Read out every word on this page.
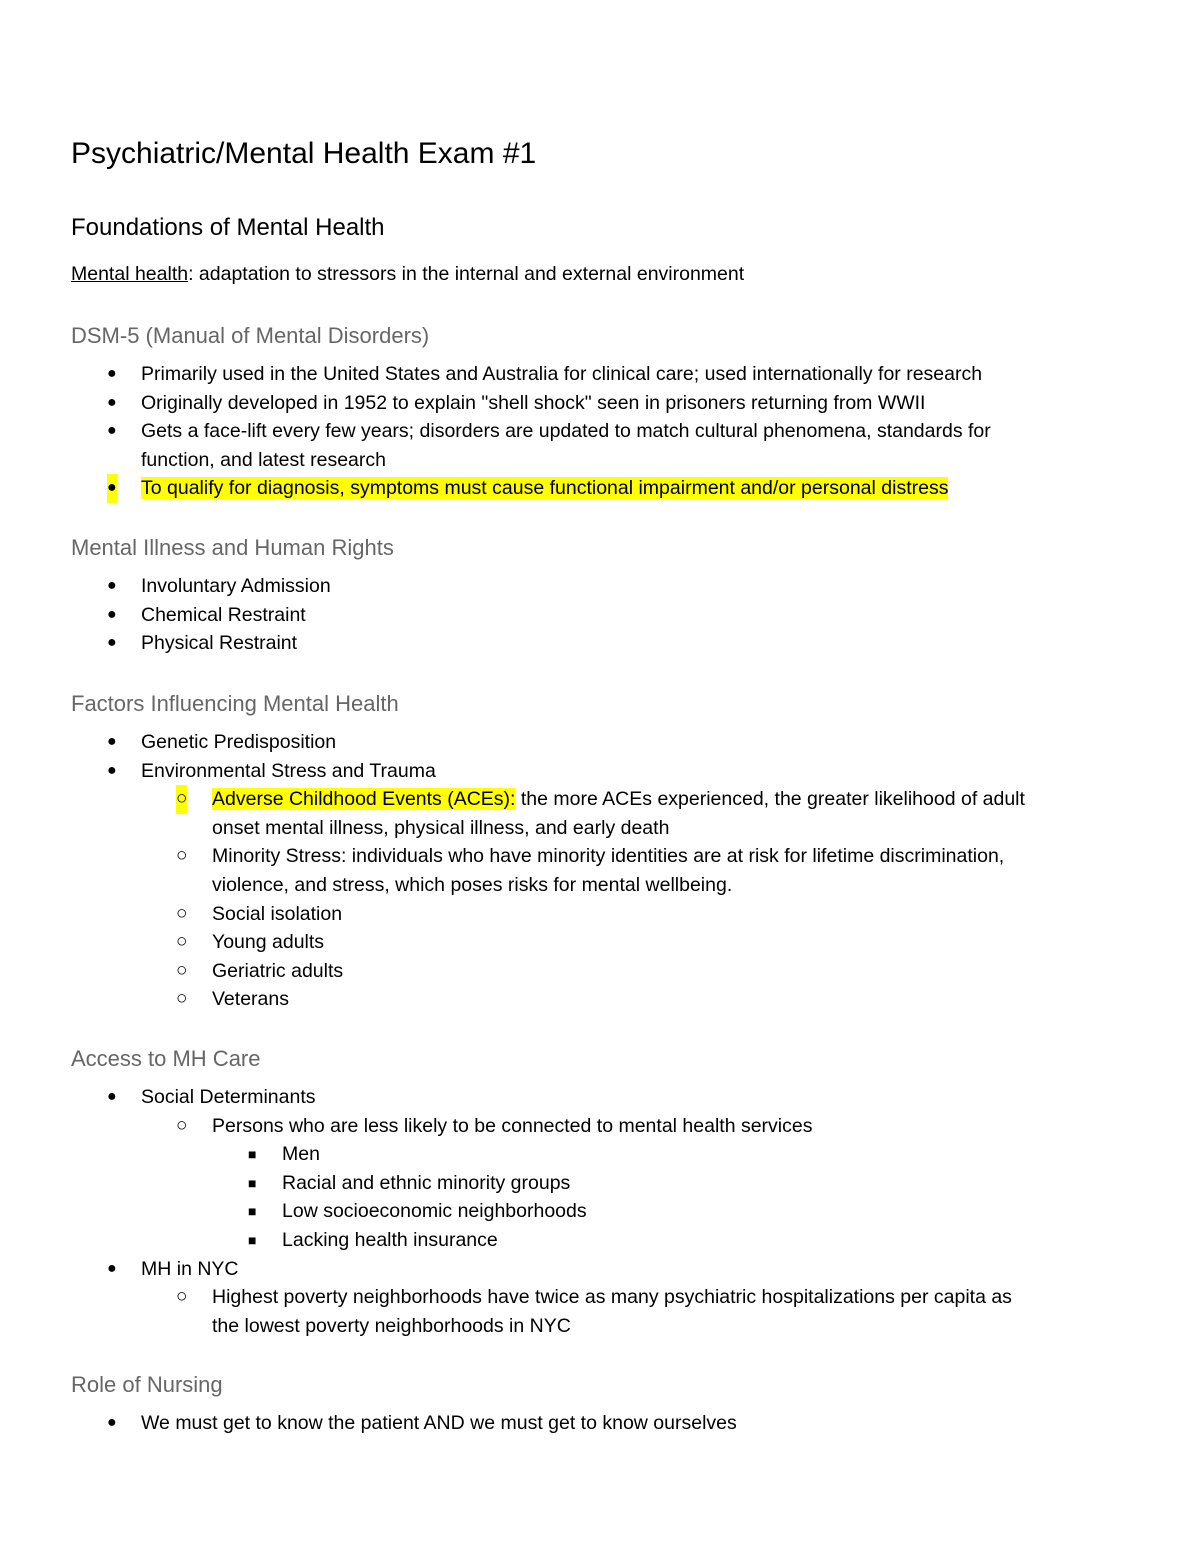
Psychiatric/Mental Health Exam #1
Foundations of Mental Health
Mental health: adaptation to stressors in the internal and external environment
DSM-5 (Manual of Mental Disorders)
● Primarily used in the United States and Australia for clinical care; used internationally for research
● Originally developed in 1952 to explain "shell shock" seen in prisoners returning from WWII
● Gets a face-lift every few years; disorders are updated to match cultural phenomena, standards for
function, and latest research
● To qualify for diagnosis, symptoms must cause functional impairment and/or personal distress
Mental Illness and Human Rights
● Involuntary Admission
● Chemical Restraint
● Physical Restraint
Factors Influencing Mental Health
● Genetic Predisposition
● Environmental Stress and Trauma
○ Adverse Childhood Events (ACEs): the more ACEs experienced, the greater likelihood of adult
onset mental illness, physical illness, and early death
○ Minority Stress: individuals who have minority identities are at risk for lifetime discrimination,
violence, and stress, which poses risks for mental wellbeing.
○ Social isolation
○ Young adults
○ Geriatric adults
○ Veterans
Access to MH Care
● Social Determinants
○ Persons who are less likely to be connected to mental health services
■ Men
■ Racial and ethnic minority groups
■ Low socioeconomic neighborhoods
■ Lacking health insurance
● MH in NYC
○ Highest poverty neighborhoods have twice as many psychiatric hospitalizations per capita as
the lowest poverty neighborhoods in NYC
Role of Nursing
● We must get to know the patient AND we must get to know ourselves
